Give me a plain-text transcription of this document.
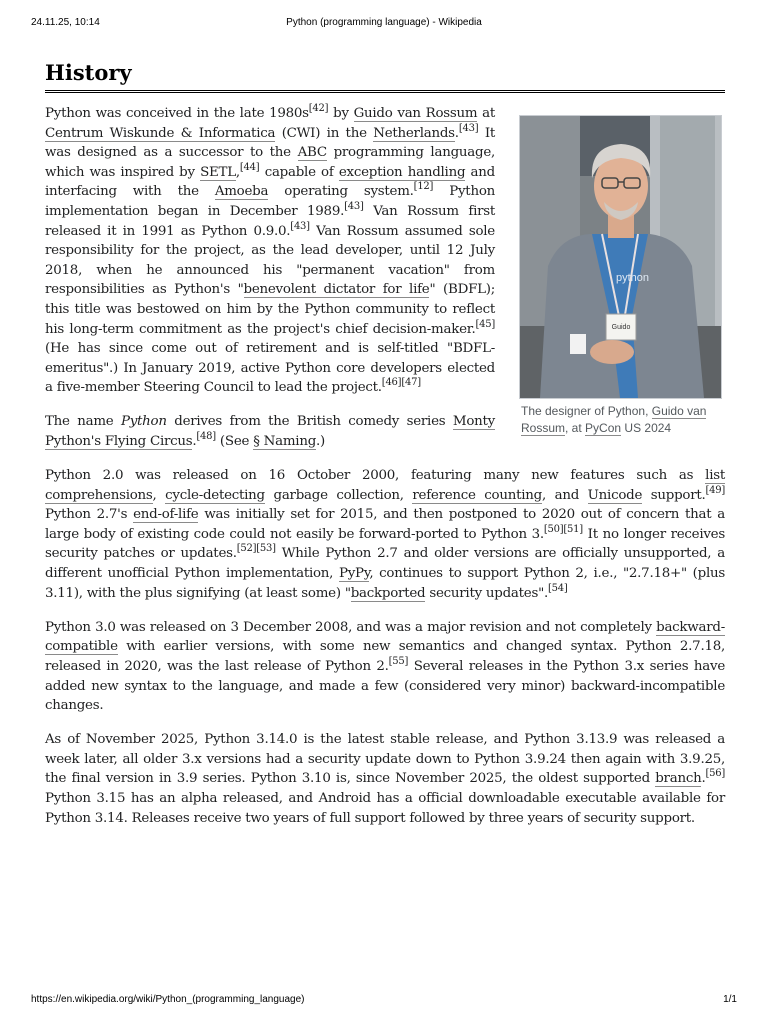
24.11.25, 10:14	Python (programming language) - Wikipedia
History

Python was conceived in the late 1980s[42] by Guido van Rossum at Centrum Wiskunde & Informatica (CWI) in the Netherlands.[43] It was designed as a successor to the ABC programming language, which was inspired by SETL,[44] capable of exception handling and interfacing with the Amoeba operating system.[12] Python implementation began in December 1989.[43] Van Rossum first released it in 1991 as Python 0.9.0.[43] Van Rossum assumed sole responsibility for the project, as the lead developer, until 12 July 2018, when he announced his "permanent vacation" from responsibilities as Python's "benevolent dictator for life" (BDFL); this title was bestowed on him by the Python community to reflect his long-term commitment as the project's chief decision-maker.[45] (He has since come out of retirement and is self-titled "BDFL-emeritus".) In January 2019, active Python core developers elected a five-member Steering Council to lead the project.[46][47]

The name Python derives from the British comedy series Monty Python's Flying Circus.[48] (See § Naming.)

Python 2.0 was released on 16 October 2000, featuring many new features such as list comprehensions, cycle-detecting garbage collection, reference counting, and Unicode support.[49] Python 2.7's end-of-life was initially set for 2015, and then postponed to 2020 out of concern that a large body of existing code could not easily be forward-ported to Python 3.[50][51] It no longer receives security patches or updates.[52][53] While Python 2.7 and older versions are officially unsupported, a different unofficial Python implementation, PyPy, continues to support Python 2, i.e., "2.7.18+" (plus 3.11), with the plus signifying (at least some) "backported security updates".[54]

Python 3.0 was released on 3 December 2008, and was a major revision and not completely backward-compatible with earlier versions, with some new semantics and changed syntax. Python 2.7.18, released in 2020, was the last release of Python 2.[55] Several releases in the Python 3.x series have added new syntax to the language, and made a few (considered very minor) backward-incompatible changes.

As of November 2025, Python 3.14.0 is the latest stable release, and Python 3.13.9 was released a week later, all older 3.x versions had a security update down to Python 3.9.24 then again with 3.9.25, the final version in 3.9 series. Python 3.10 is, since November 2025, the oldest supported branch.[56] Python 3.15 has an alpha released, and Android has a official downloadable executable available for Python 3.14. Releases receive two years of full support followed by three years of security support.

Guido
python
The designer of Python, Guido van Rossum, at PyCon US 2024
https://en.wikipedia.org/wiki/Python_(programming_language)	1/1
